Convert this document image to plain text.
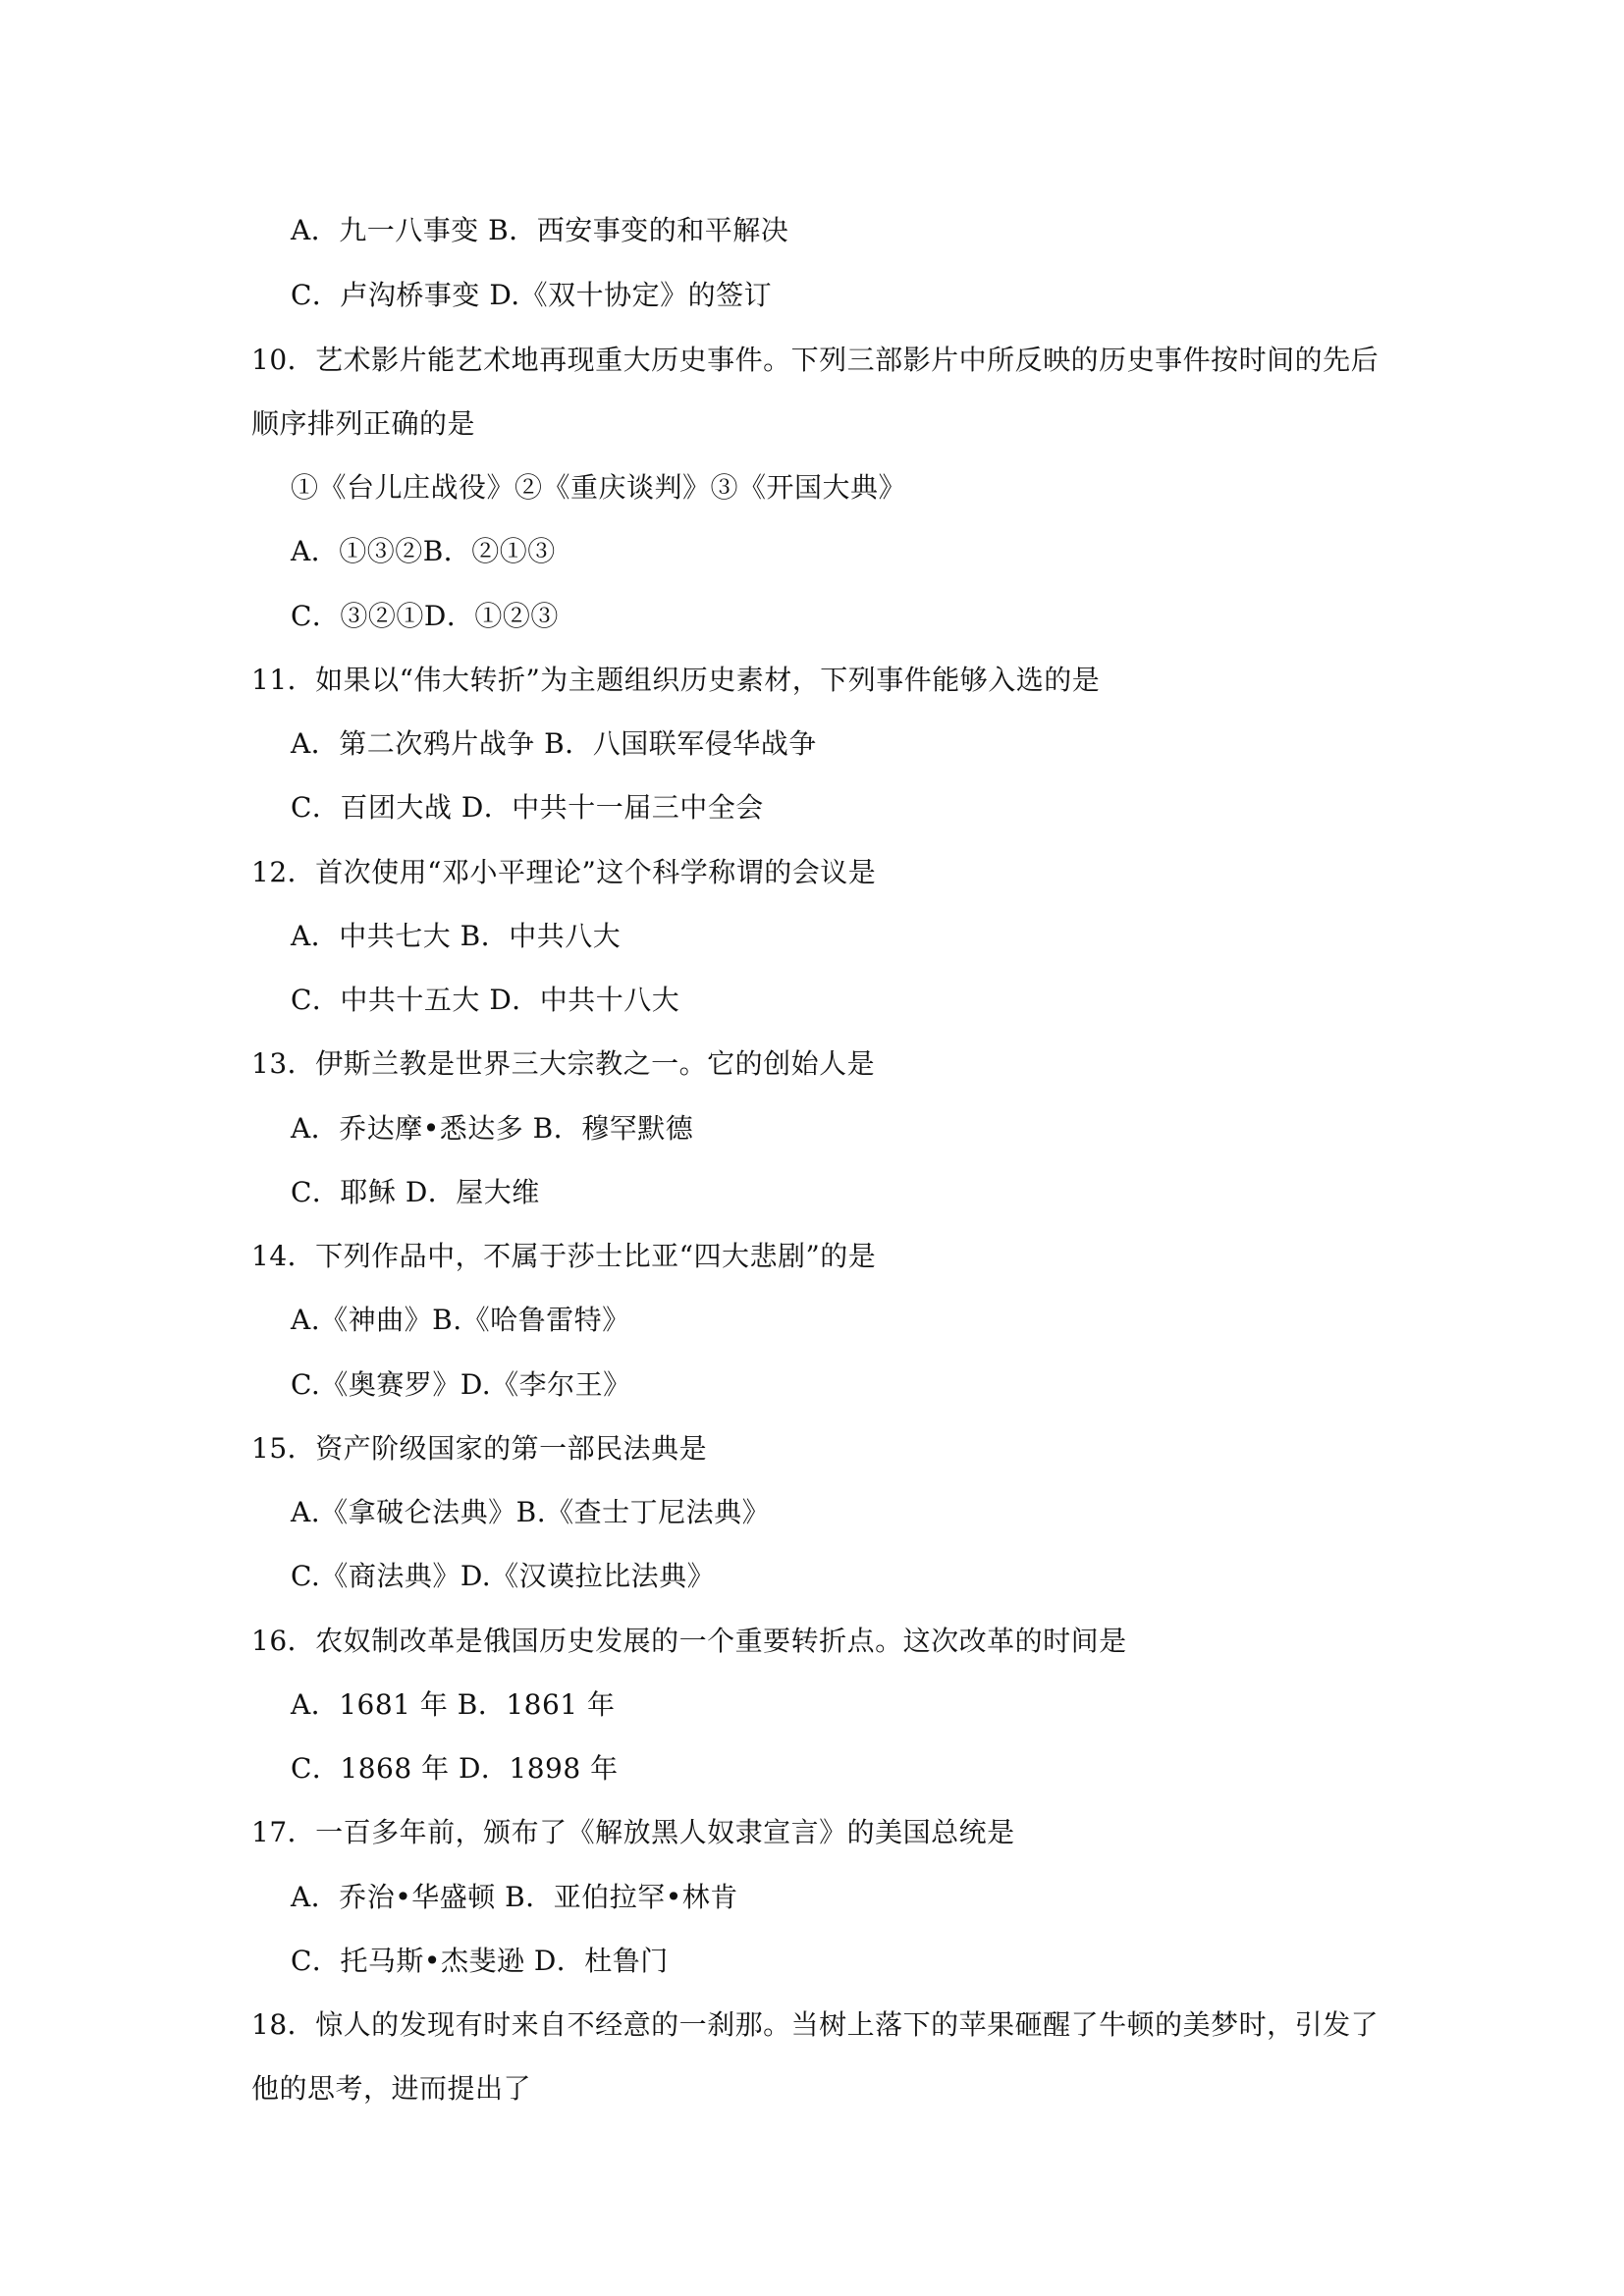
A．九一八事变 B．西安事变的和平解决
C．卢沟桥事变 D.《双十协定》的签订
10．艺术影片能艺术地再现重大历史事件。下列三部影片中所反映的历史事件按时间的先后
顺序排列正确的是
①《台儿庄战役》②《重庆谈判》③《开国大典》
A．①③②B．②①③
C．③②①D．①②③
11．如果以“伟大转折”为主题组织历史素材，下列事件能够入选的是
A．第二次鸦片战争 B．八国联军侵华战争
C．百团大战 D．中共十一届三中全会
12．首次使用“邓小平理论”这个科学称谓的会议是
A．中共七大 B．中共八大
C．中共十五大 D．中共十八大
13．伊斯兰教是世界三大宗教之一。它的创始人是
A．乔达摩•悉达多 B．穆罕默德
C．耶稣 D．屋大维
14．下列作品中，不属于莎士比亚“四大悲剧”的是
A.《神曲》B.《哈鲁雷特》
C.《奥赛罗》D.《李尔王》
15．资产阶级国家的第一部民法典是
A.《拿破仑法典》B.《查士丁尼法典》
C.《商法典》D.《汉谟拉比法典》
16．农奴制改革是俄国历史发展的一个重要转折点。这次改革的时间是
A．1681 年 B．1861 年
C．1868 年 D．1898 年
17．一百多年前，颁布了《解放黑人奴隶宣言》的美国总统是
A．乔治•华盛顿 B．亚伯拉罕•林肯
C．托马斯•杰斐逊 D．杜鲁门
18．惊人的发现有时来自不经意的一刹那。当树上落下的苹果砸醒了牛顿的美梦时，引发了
他的思考，进而提出了
